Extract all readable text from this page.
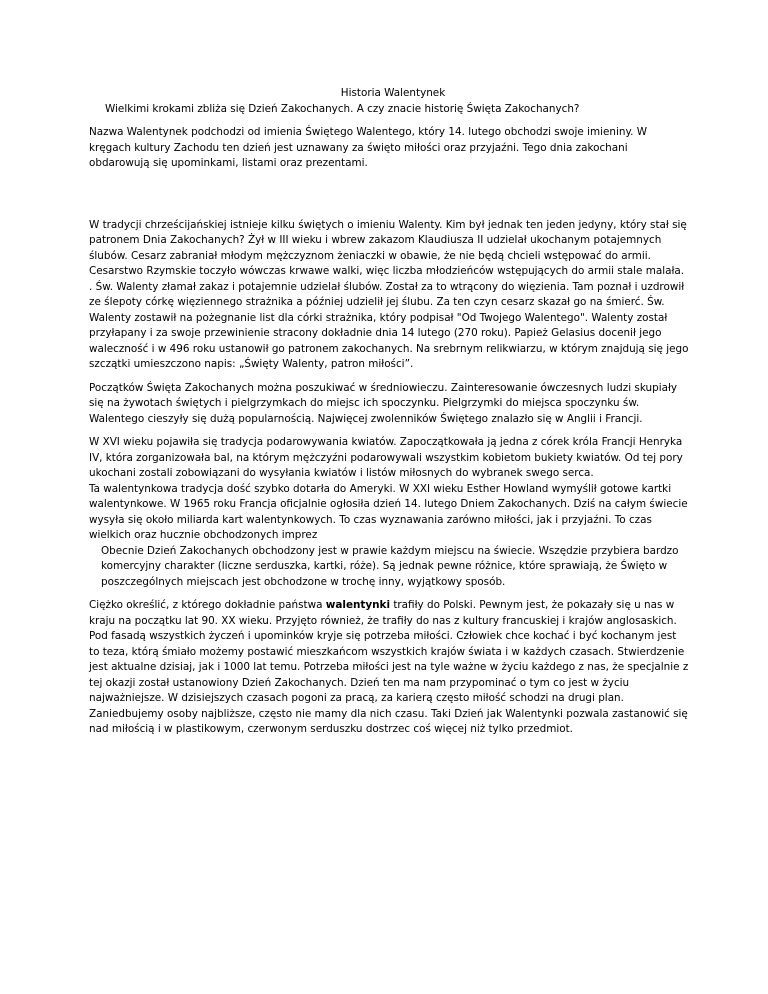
Historia Walentynek

Wielkimi krokami zbliża się Dzień Zakochanych. A czy znacie historię Święta Zakochanych?

Nazwa Walentynek podchodzi od imienia Świętego Walentego, który 14. lutego obchodzi swoje imieniny. W kręgach kultury Zachodu ten dzień jest uznawany za święto miłości oraz przyjaźni. Tego dnia zakochani obdarowują się upominkami, listami oraz prezentami.

W tradycji chrześcijańskiej istnieje kilku świętych o imieniu Walenty. Kim był jednak ten jeden jedyny, który stał się patronem Dnia Zakochanych? Żył w III wieku i wbrew zakazom Klaudiusza II udzielał ukochanym potajemnych ślubów. Cesarz zabraniał młodym mężczyznom żeniaczki w obawie, że nie będą chcieli wstępować do armii. Cesarstwo Rzymskie toczyło wówczas krwawe walki, więc liczba młodzieńców wstępujących do armii stale malała. . Św. Walenty złamał zakaz i potajemnie udzielał ślubów. Został za to wtrącony do więzienia. Tam poznał i uzdrowił ze ślepoty córkę więziennego strażnika a później udzielił jej ślubu. Za ten czyn cesarz skazał go na śmierć. Św. Walenty zostawił na pożegnanie list dla córki strażnika, który podpisał "Od Twojego Walentego". Walenty został przyłapany i za swoje przewinienie stracony dokładnie dnia 14 lutego (270 roku). Papież Gelasius docenił jego waleczność i w 496 roku ustanowił go patronem zakochanych. Na srebrnym relikwiarzu, w którym znajdują się jego szczątki umieszczono napis: „Święty Walenty, patron miłości”.

Początków Święta Zakochanych można poszukiwać w średniowieczu. Zainteresowanie ówczesnych ludzi skupiały się na żywotach świętych i pielgrzymkach do miejsc ich spoczynku. Pielgrzymki do miejsca spoczynku św. Walentego cieszyły się dużą popularnością. Najwięcej zwolenników Świętego znalazło się w Anglii i Francji.

W XVI wieku pojawiła się tradycja podarowywania kwiatów. Zapoczątkowała ją jedna z córek króla Francji Henryka IV, która zorganizowała bal, na którym mężczyźni podarowywali wszystkim kobietom bukiety kwiatów. Od tej pory ukochani zostali zobowiązani do wysyłania kwiatów i listów miłosnych do wybranek swego serca.

Ta walentynkowa tradycja dość szybko dotarła do Ameryki. W XXI wieku Esther Howland wymyślił gotowe kartki walentynkowe. W 1965 roku Francja oficjalnie ogłosiła dzień 14. lutego Dniem Zakochanych. Dziś na całym świecie wysyła się około miliarda kart walentynkowych. To czas wyznawania zarówno miłości, jak i przyjaźni. To czas wielkich oraz hucznie obchodzonych imprez

Obecnie Dzień Zakochanych obchodzony jest w prawie każdym miejscu na świecie. Wszędzie przybiera bardzo komercyjny charakter (liczne serduszka, kartki, róże). Są jednak pewne różnice, które sprawiają, że Święto w poszczególnych miejscach jest obchodzone w trochę inny, wyjątkowy sposób.

Ciężko określić, z którego dokładnie państwa walentynki trafiły do Polski. Pewnym jest, że pokazały się u nas w kraju na początku lat 90. XX wieku. Przyjęto również, że trafiły do nas z kultury francuskiej i krajów anglosaskich. Pod fasadą wszystkich życzeń i upominków kryje się potrzeba miłości. Człowiek chce kochać i być kochanym jest to teza, którą śmiało możemy postawić mieszkańcom wszystkich krajów świata i w każdych czasach. Stwierdzenie jest aktualne dzisiaj, jak i 1000 lat temu. Potrzeba miłości jest na tyle ważne w życiu każdego z nas, że specjalnie z tej okazji został ustanowiony Dzień Zakochanych. Dzień ten ma nam przypominać o tym co jest w życiu najważniejsze. W dzisiejszych czasach pogoni za pracą, za karierą często miłość schodzi na drugi plan. Zaniedbujemy osoby najbliższe, często nie mamy dla nich czasu. Taki Dzień jak Walentynki pozwala zastanowić się nad miłością i w plastikowym, czerwonym serduszku dostrzec coś więcej niż tylko przedmiot.
